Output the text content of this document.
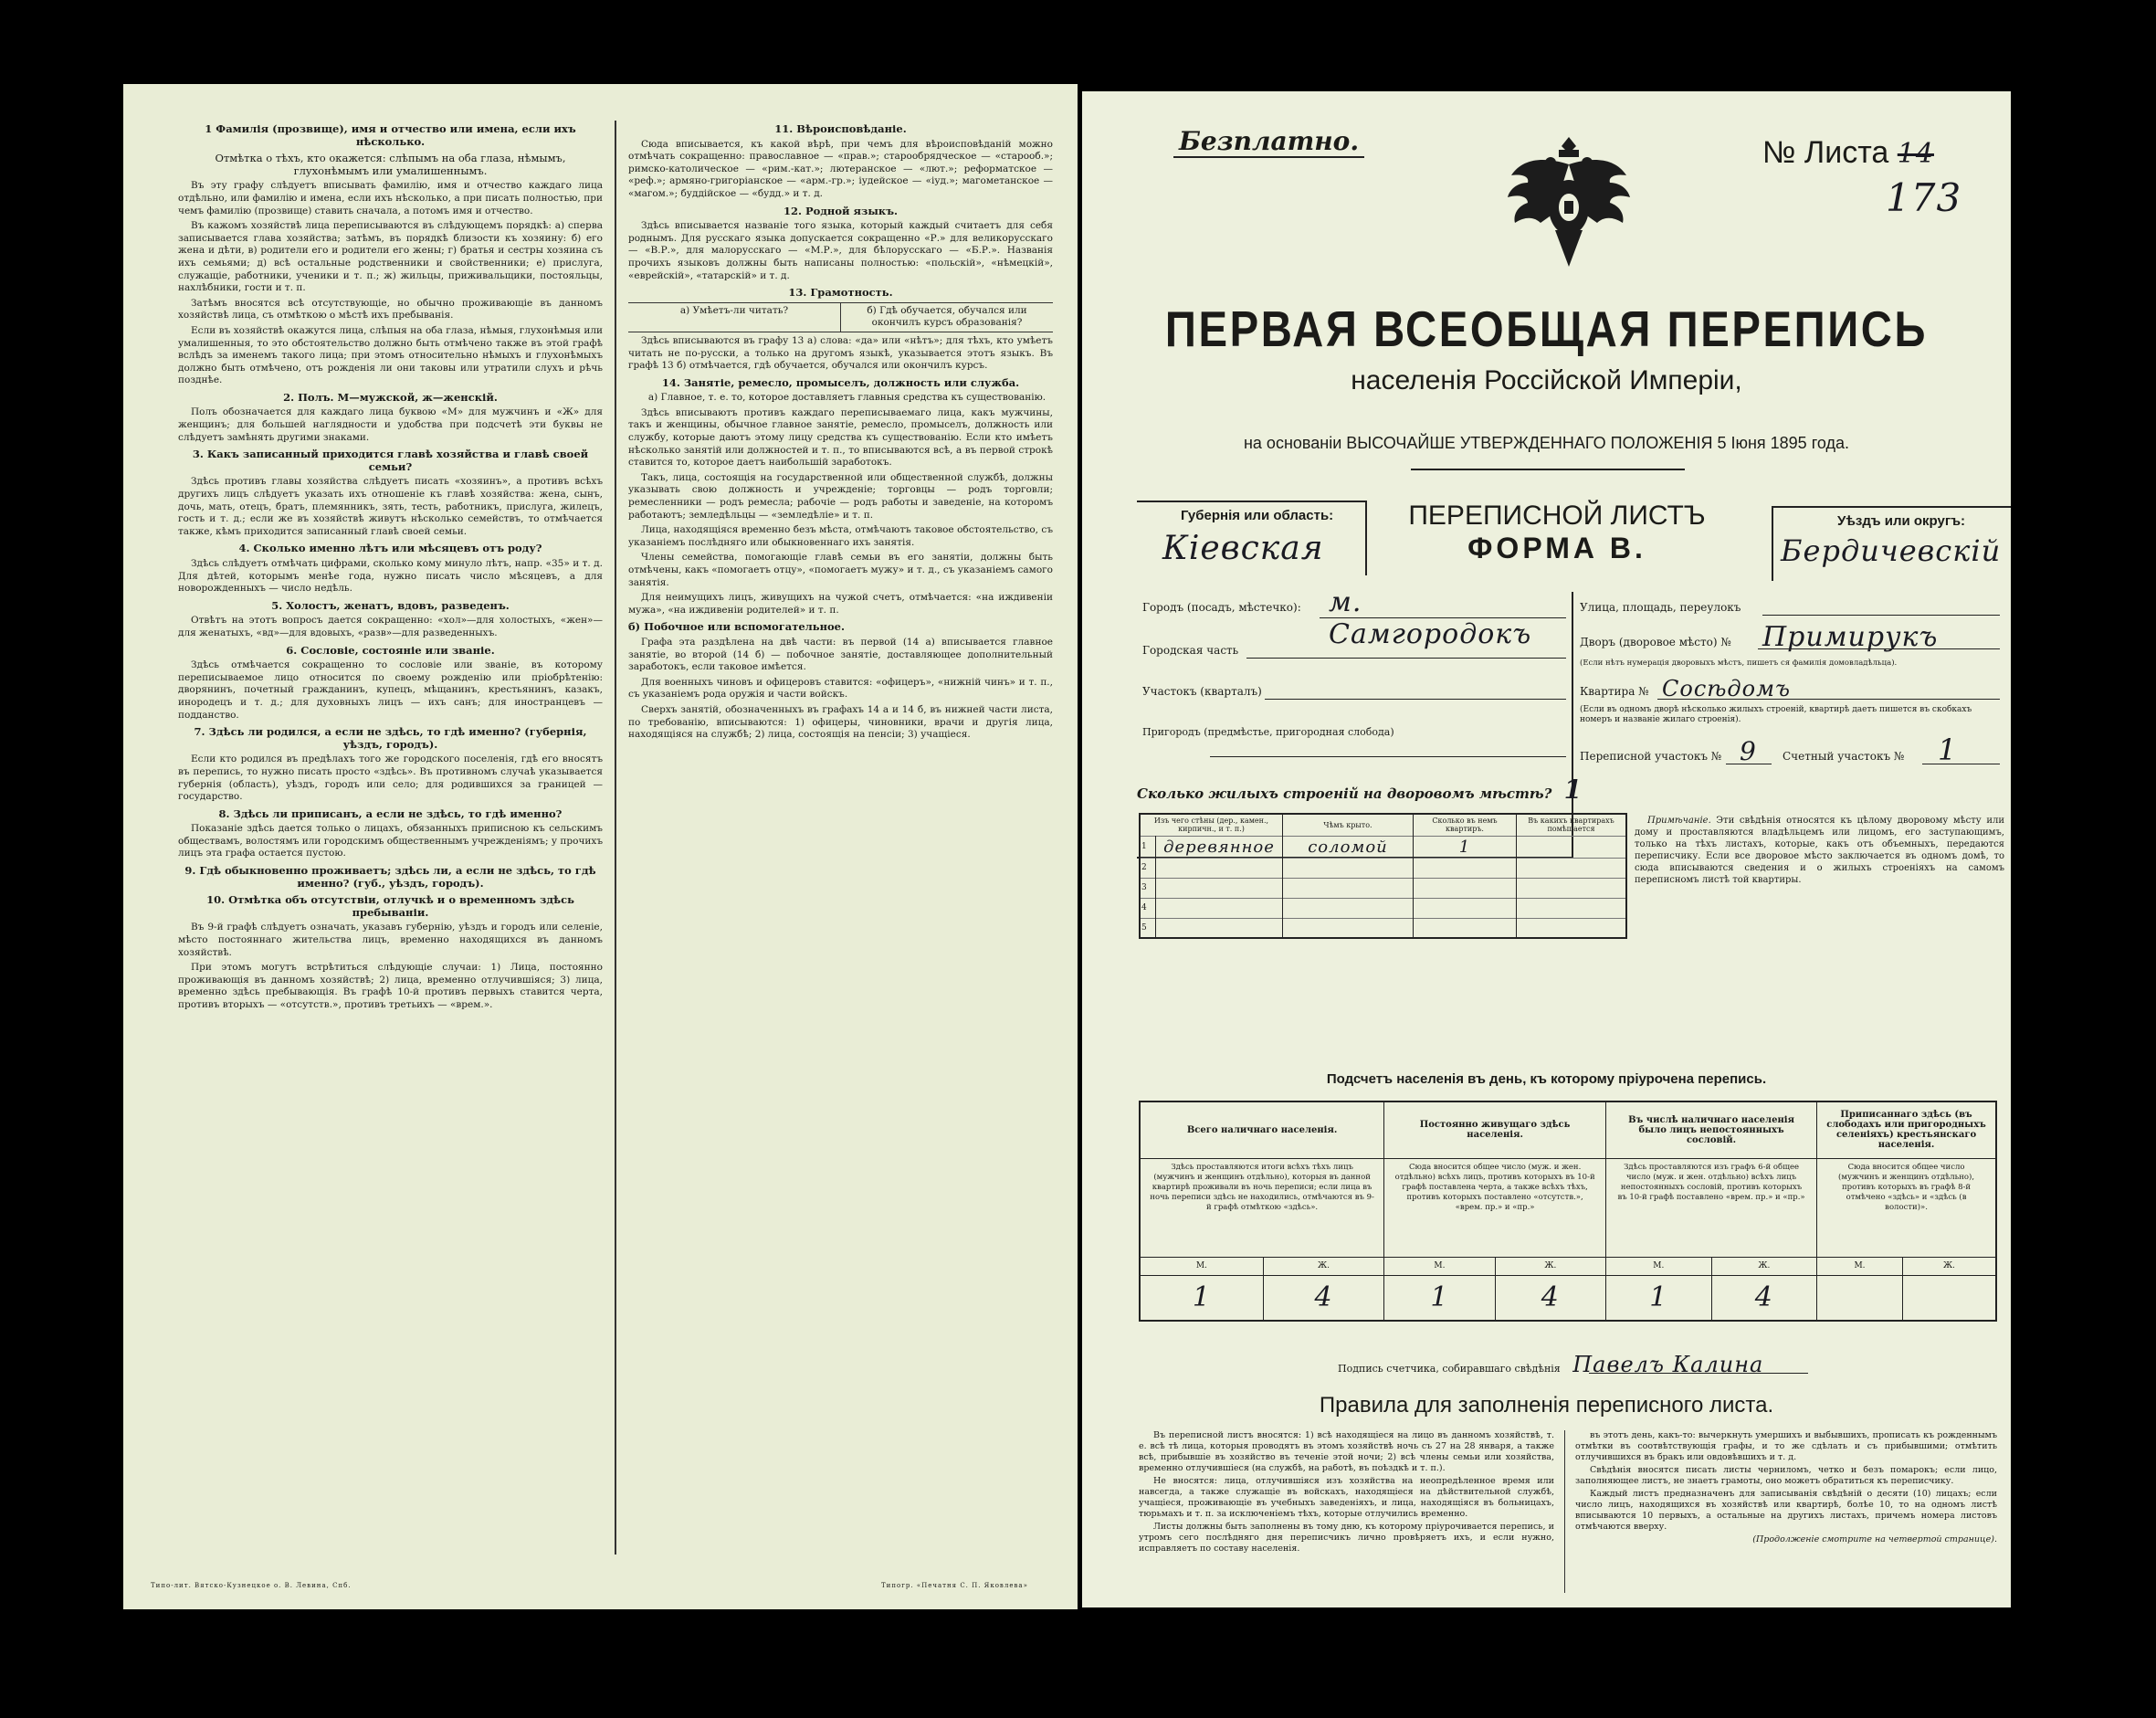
1 Фамилія (прозвище), имя и отчество или имена, если ихъ нѣсколько.
Отмѣтка о тѣхъ, кто окажется: слѣпымъ на оба глаза, нѣмымъ, глухонѣмымъ или умалишеннымъ.

Въ эту графу слѣдуетъ вписывать фамилію, имя и отчество каждаго лица отдѣльно, или фамилію и имена, если ихъ нѣсколько, а при писать полностью, при чемъ фамилію (прозвище) ставить сначала, а потомъ имя и отчество.

Въ кажомъ хозяйствѣ лица переписываются въ слѣдующемъ порядкѣ: а) сперва записывается глава хозяйства; затѣмъ, въ порядкѣ близости къ хозяину: б) его жена и дѣти, в) родители его и родители его жены; г) братья и сестры хозяина съ ихъ семьями; д) всѣ остальные родственники и свойственники; е) прислуга, служащіе, работники, ученики и т. п.; ж) жильцы, приживальщики, постояльцы, нахлѣбники, гости и т. п.

Затѣмъ вносятся всѣ отсутствующіе, но обычно проживающіе въ данномъ хозяйствѣ лица, съ отмѣткою о мѣстѣ ихъ пребыванія.

Если въ хозяйствѣ окажутся лица, слѣпыя на оба глаза, нѣмыя, глухонѣмыя или умалишенныя, то это обстоятельство должно быть отмѣчено также въ этой графѣ вслѣдъ за именемъ такого лица; при этомъ относительно нѣмыхъ и глухонѣмыхъ должно быть отмѣчено, отъ рожденія ли они таковы или утратили слухъ и рѣчь позднѣе.

2. Полъ. М—мужской, ж—женскій.

Полъ обозначается для каждаго лица буквою «М» для мужчинъ и «Ж» для женщинъ; для большей наглядности и удобства при подсчетѣ эти буквы не слѣдуетъ замѣнять другими знаками.

3. Какъ записанный приходится главѣ хозяйства и главѣ своей семьи?

Здѣсь противъ главы хозяйства слѣдуетъ писать «хозяинъ», а противъ всѣхъ другихъ лицъ слѣдуетъ указать ихъ отношеніе къ главѣ хозяйства: жена, сынъ, дочь, мать, отецъ, братъ, племянникъ, зять, тесть, работникъ, прислуга, жилецъ, гость и т. д.; если же въ хозяйствѣ живутъ нѣсколько семействъ, то отмѣчается также, кѣмъ приходится записанный главѣ своей семьи.

4. Сколько именно лѣтъ или мѣсяцевъ отъ роду?

Здѣсь слѣдуетъ отмѣчать цифрами, сколько кому минуло лѣтъ, напр. «35» и т. д. Для дѣтей, которымъ менѣе года, нужно писать число мѣсяцевъ, а для новорожденныхъ — число недѣль.

5. Холостъ, женатъ, вдовъ, разведенъ.

Отвѣтъ на этотъ вопросъ дается сокращенно: «хол»—для холостыхъ, «жен»—для женатыхъ, «вд»—для вдовыхъ, «разв»—для разведенныхъ.

6. Сословіе, состояніе или званіе.

Здѣсь отмѣчается сокращенно то сословіе или званіе, въ которому переписываемое лицо относится по своему рожденію или пріобрѣтенію: дворянинъ, почетный гражданинъ, купецъ, мѣщанинъ, крестьянинъ, казакъ, инородецъ и т. д.; для духовныхъ лицъ — ихъ санъ; для иностранцевъ — подданство.

7. Здѣсь ли родился, а если не здѣсь, то гдѣ именно? (губернія, уѣздъ, городъ).

Если кто родился въ предѣлахъ того же городского поселенія, гдѣ его вносятъ въ перепись, то нужно писать просто «здѣсь». Въ противномъ случаѣ указывается губернія (область), уѣздъ, городъ или село; для родившихся за границей — государство.

8. Здѣсь ли приписанъ, а если не здѣсь, то гдѣ именно?

Показаніе здѣсь дается только о лицахъ, обязанныхъ приписною къ сельскимъ обществамъ, волостямъ или городскимъ общественнымъ учрежденіямъ; у прочихъ лицъ эта графа остается пустою.

9. Гдѣ обыкновенно проживаетъ; здѣсь ли, а если не здѣсь, то гдѣ именно? (губ., уѣздъ, городъ).
10. Отмѣтка объ отсутствіи, отлучкѣ и о временномъ здѣсь пребываніи.

Въ 9-й графѣ слѣдуетъ означать, указавъ губернію, уѣздъ и городъ или селеніе, мѣсто постояннаго жительства лицъ, временно находящихся въ данномъ хозяйствѣ.

При этомъ могутъ встрѣтиться слѣдующіе случаи: 1) Лица, постоянно проживающія въ данномъ хозяйствѣ; 2) лица, временно отлучившіяся; 3) лица, временно здѣсь пребывающія. Въ графѣ 10-й противъ первыхъ ставится черта, противъ вторыхъ — «отсутств.», противъ третьихъ — «врем.».

11. Вѣроисповѣданіе.

Сюда вписывается, къ какой вѣрѣ, при чемъ для вѣроисповѣданій можно отмѣчать сокращенно: православное — «прав.»; старообрядческое — «старооб.»; римско-католическое — «рим.-кат.»; лютеранское — «лют.»; реформатское — «реф.»; армяно-григоріанское — «арм.-гр.»; іудейское — «іуд.»; магометанское — «магом.»; буддійское — «будд.» и т. д.

12. Родной языкъ.

Здѣсь вписывается названіе того языка, который каждый считаетъ для себя роднымъ. Для русскаго языка допускается сокращенно «Р.» для великорусскаго — «В.Р.», для малорусскаго — «М.Р.», для бѣлорусскаго — «Б.Р.». Названія прочихъ языковъ должны быть написаны полностью: «польскій», «нѣмецкій», «еврейскій», «татарскій» и т. д.

13. Грамотность.
а) Умѣетъ-ли читать?	б) Гдѣ обучается, обучался или окончилъ курсъ образованія?

Здѣсь вписываются въ графу 13 а) слова: «да» или «нѣтъ»; для тѣхъ, кто умѣетъ читать не по-русски, а только на другомъ языкѣ, указывается этотъ языкъ. Въ графѣ 13 б) отмѣчается, гдѣ обучается, обучался или окончилъ курсъ.

14. Занятіе, ремесло, промыселъ, должность или служба.

а) Главное, т. е. то, которое доставляетъ главныя средства къ существованію.

Здѣсь вписываютъ противъ каждаго переписываемаго лица, какъ мужчины, такъ и женщины, обычное главное занятіе, ремесло, промыселъ, должность или службу, которые даютъ этому лицу средства къ существованію. Если кто имѣетъ нѣсколько занятій или должностей и т. п., то вписываются всѣ, а въ первой строкѣ ставится то, которое даетъ наибольшій заработокъ.

Такъ, лица, состоящія на государственной или общественной службѣ, должны указывать свою должность и учрежденіе; торговцы — родъ торговли; ремесленники — родъ ремесла; рабочіе — родъ работы и заведеніе, на которомъ работаютъ; земледѣльцы — «земледѣліе» и т. п.

Лица, находящіяся временно безъ мѣста, отмѣчаютъ таковое обстоятельство, съ указаніемъ послѣдняго или обыкновеннаго ихъ занятія.

Члены семейства, помогающіе главѣ семьи въ его занятіи, должны быть отмѣчены, какъ «помогаетъ отцу», «помогаетъ мужу» и т. д., съ указаніемъ самого занятія.

Для неимущихъ лицъ, живущихъ на чужой счетъ, отмѣчается: «на иждивеніи мужа», «на иждивеніи родителей» и т. п.

б) Побочное или вспомогательное.

Графа эта раздѣлена на двѣ части: въ первой (14 а) вписывается главное занятіе, во второй (14 б) — побочное занятіе, доставляющее дополнительный заработокъ, если таковое имѣется.

Для военныхъ чиновъ и офицеровъ ставится: «офицеръ», «нижній чинъ» и т. п., съ указаніемъ рода оружія и части войскъ.

Сверхъ занятій, обозначенныхъ въ графахъ 14 а и 14 б, въ нижней части листа, по требованію, вписываются: 1) офицеры, чиновники, врачи и другія лица, находящіяся на службѣ; 2) лица, состоящія на пенсіи; 3) учащіеся.

Типо-лит. Вятско-Кузнецкое о. В. Левина, Спб.	Типогр. «Печатня С. П. Яковлева»
Безплатно.	№ Листа 14
173
ПЕРВАЯ ВСЕОБЩАЯ ПЕРЕПИСЬ
населенія Россійской Имперіи,
на основаніи ВЫСОЧАЙШЕ УТВЕРЖДЕННАГО ПОЛОЖЕНІЯ 5 Іюня 1895 года.
Губернія или область:
Кіевская
ПЕРЕПИСНОЙ ЛИСТЪ
ФОРМА В.
Уѣздъ или округъ:
Бердичевскій
Городъ (посадъ, мѣстечко): м. Самгородокъ
Городская часть
Участокъ (кварталъ)
Пригородъ (предмѣстье, пригородная слобода)
Улица, площадь, переулокъ
Дворъ (дворовое мѣсто) № Примирукъ
(Если нѣтъ нумерація дворовыхъ мѣстъ, пишетъ ся фамилія домовладѣльца).
Квартира № Сосѣдомъ
(Если въ одномъ дворѣ нѣсколько жилыхъ строеній, квартирѣ даетъ пишется въ скобкахъ номеръ и названіе жилаго строенія).
Переписной участокъ № 9 Счетный участокъ № 1
Сколько жилыхъ строеній на дворовомъ мѣстѣ? 1
Изъ чего стѣны (дер., камен., кирпичн., и т. п.)		Чѣмъ крыто.	Сколько въ немъ квартиръ.	Въ какихъ квартирахъ помѣщается
1	деревянное	соломой	1	
2				
3				
4				
5				
Примѣчаніе. Эти свѣдѣнія относятся къ цѣлому дворовому мѣсту или дому и проставляются владѣльцемъ или лицомъ, его заступающимъ, только на тѣхъ листахъ, которые, какъ отъ объемныхъ, передаются переписчику. Если все дворовое мѣсто заключается въ одномъ домѣ, то сюда вписываются сведения и о жилыхъ строеніяхъ на самомъ переписномъ листѣ той квартиры.
Подсчетъ населенія въ день, къ которому пріурочена перепись.
Всего наличнаго населенія.		Постоянно живущаго здѣсь населенія.		Въ числѣ наличнаго населенія было лицъ непостоянныхъ сословій.		Приписаннаго здѣсь (въ слободахъ или пригородныхъ селеніяхъ) крестьянскаго населенія.	
Здѣсь проставляются итоги всѣхъ тѣхъ лицъ (мужчинъ и женщинъ отдѣльно), которыя въ данной квартирѣ проживали въ ночь переписи; если лица въ ночь переписи здѣсь не находились, отмѣчаются въ 9-й графѣ отмѣткою «здѣсь».		Сюда вносится общее число (муж. и жен. отдѣльно) всѣхъ лицъ, противъ которыхъ въ 10-й графѣ поставлена черта, а также всѣхъ тѣхъ, противъ которыхъ поставлено «отсутств.», «врем. пр.» и «пр.»		Здѣсь проставляются изъ графъ 6-й общее число (муж. и жен. отдѣльно) всѣхъ лицъ непостоянныхъ сословій, противъ которыхъ въ 10-й графѣ поставлено «врем. пр.» и «пр.»		Сюда вносится общее число (мужчинъ и женщинъ отдѣльно), противъ которыхъ въ графѣ 8-й отмѣчено «здѣсь» и «здѣсь (в волости)».	
М.	Ж.	М.	Ж.	М.	Ж.	М.	Ж.
1	4	1	4	1	4		
Подпись счетчика, собиравшаго свѣдѣнія Павелъ Калина
Правила для заполненія переписного листа.

Въ переписной листъ вносятся: 1) всѣ находящіеся на лицо въ данномъ хозяйствѣ, т. е. всѣ тѣ лица, которыя проводятъ въ этомъ хозяйствѣ ночь съ 27 на 28 января, а также всѣ, прибывшіе въ хозяйство въ теченіе этой ночи; 2) всѣ члены семьи или хозяйства, временно отлучившіеся (на службѣ, на работѣ, въ поѣздкѣ и т. п.).

Не вносятся: лица, отлучившіяся изъ хозяйства на неопредѣленное время или навсегда, а также служащіе въ войскахъ, находящіеся на дѣйствительной службѣ, учащіеся, проживающіе въ учебныхъ заведеніяхъ, и лица, находящіяся въ больницахъ, тюрьмахъ и т. п. за исключеніемъ тѣхъ, которые отлучились временно.

Листы должны быть заполнены въ тому дню, къ которому пріурочивается перепись, и утромъ сего послѣдняго дня переписчикъ лично провѣряетъ ихъ, и если нужно, исправляетъ по составу населенія.

въ этотъ день, какъ-то: вычеркнуть умершихъ и выбывшихъ, прописать къ рожденнымъ отмѣтки въ соотвѣтствующія графы, и то же сдѣлать и съ прибывшими; отмѣтить отлучившихся въ бракъ или овдовѣвшихъ и т. д.

Свѣдѣнія вносятся писать листы черниломъ, четко и безъ помарокъ; если лицо, заполняющее листъ, не знаетъ грамоты, оно можетъ обратиться къ переписчику.

Каждый листъ предназначенъ для записыванія свѣдѣній о десяти (10) лицахъ; если число лицъ, находящихся въ хозяйствѣ или квартирѣ, болѣе 10, то на одномъ листѣ вписываются 10 первыхъ, а остальные на другихъ листахъ, причемъ номера листовъ отмѣчаются вверху.

(Продолженіе смотрите на четвертой странице).
